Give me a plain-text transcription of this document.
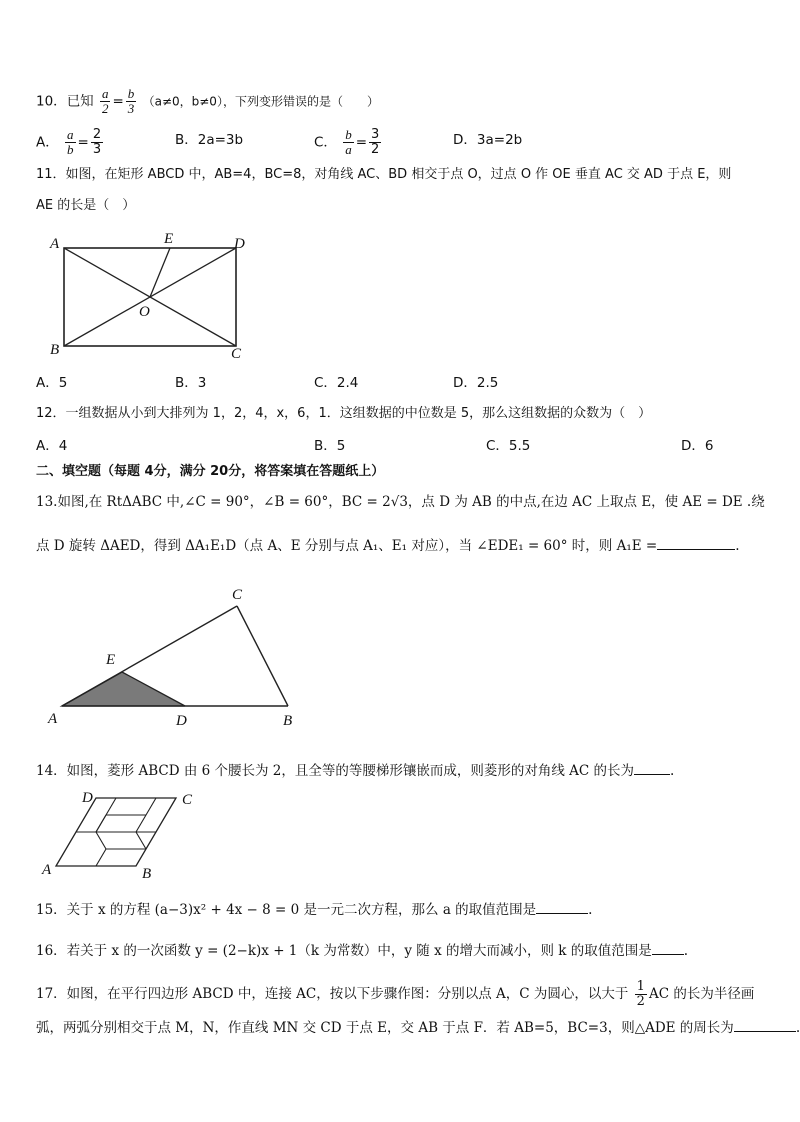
10．已知 $\frac{a}{2} = \frac{b}{3} (a\ne 0$，b≠0），下列变形错误的是（　　）
A． $\frac{a}{b} = \frac{2}{3}$	B．2a=3b	C． $\frac{b}{a} = \frac{3}{2}$	D．3a=2b
11．如图，在矩形 ABCD 中，AB=4，BC=8，对角线 AC、BD 相交于点 O，过点 O 作 OE 垂直 AC 交 AD 于点 E，则
AE 的长是（　）
A
B	C
D
E
O
A．5	B．3	C．2.4	D．2.5
12．一组数据从小到大排列为 1，2，4，x，6，1．这组数据的中位数是 5，那么这组数据的众数为（　）
A．4	B．5	C．5.5	D．6
二、填空题（每题 4分，满分 20分，将答案填在答题纸上）
13.如图,在 RtΔABC 中,∠C = 90°，∠B = 60°，BC = 2√3，点 D 为 AB 的中点,在边 AC 上取点 E，使 AE = DE .绕
点 D 旋转 ΔAED，得到 ΔA₁E₁D（点 A、E 分别与点 A₁、E₁ 对应），当 ∠EDE₁ = 60° 时，则 A₁E =	.
A	D	B
C
E
14．如图，菱形 ABCD 由 6 个腰长为 2，且全等的等腰梯形镶嵌而成，则菱形的对角线 AC 的长为	.
D	C
A	B
15．关于 x 的方程 (a−3)x² + 4x − 8 = 0 是一元二次方程，那么 a 的取值范围是	.
16．若关于 x 的一次函数 y = (2−k)x + 1（k 为常数）中，y 随 x 的增大而减小，则 k 的取值范围是 .
17．如图，在平行四边形 ABCD 中，连接 AC，按以下步骤作图：分别以点 A，C 为圆心，以大于 $\frac{1}{2}$ AC 的长为半径画
弧，两弧分别相交于点 M，N，作直线 MN 交 CD 于点 E，交 AB 于点 F．若 AB=5，BC=3，则△ADE 的周长为	.
